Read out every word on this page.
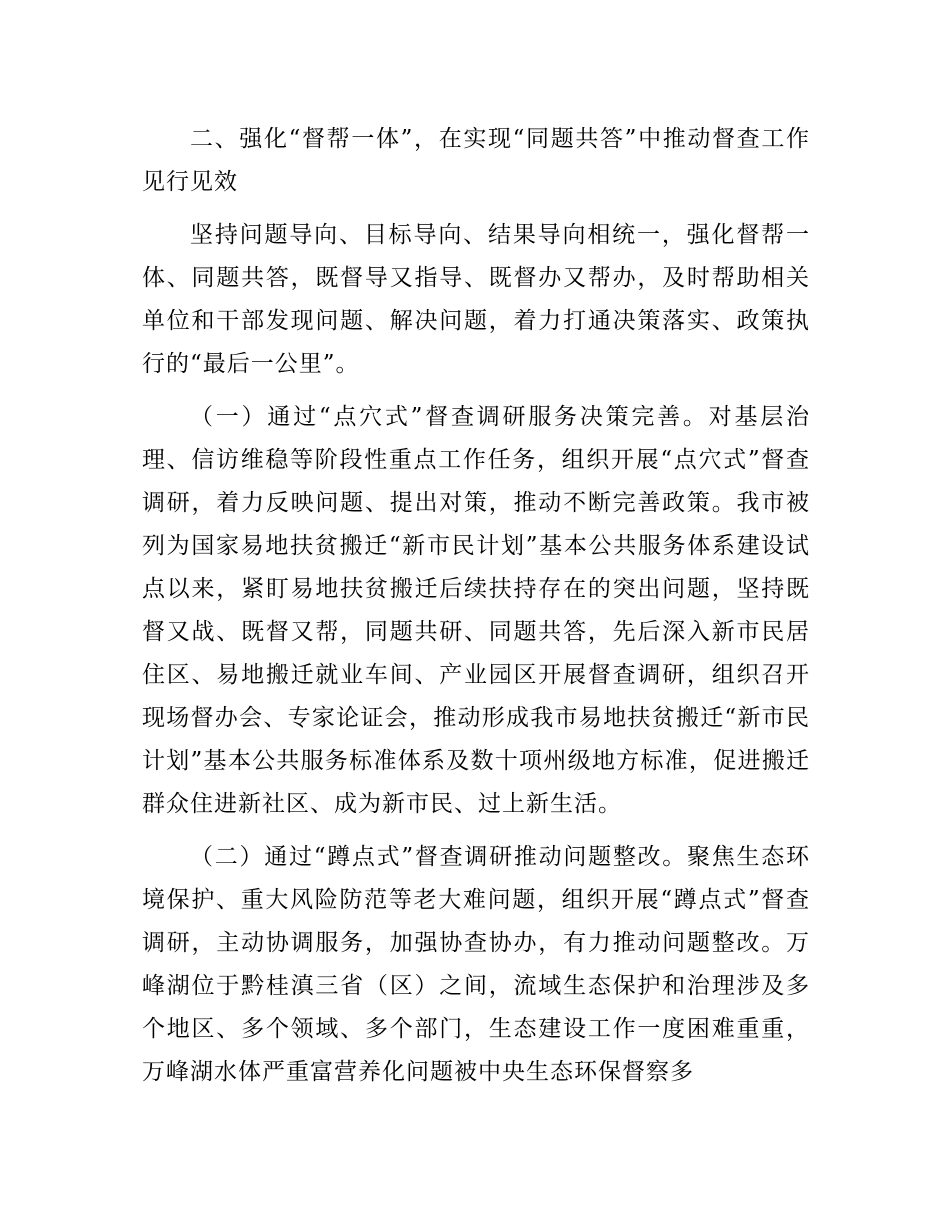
二、强化“督帮一体”，在实现“同题共答”中推动督查工作见行见效

坚持问题导向、目标导向、结果导向相统一，强化督帮一体、同题共答，既督导又指导、既督办又帮办，及时帮助相关单位和干部发现问题、解决问题，着力打通决策落实、政策执行的“最后一公里”。

（一）通过“点穴式”督查调研服务决策完善。对基层治理、信访维稳等阶段性重点工作任务，组织开展“点穴式”督查调研，着力反映问题、提出对策，推动不断完善政策。我市被列为国家易地扶贫搬迁“新市民计划”基本公共服务体系建设试点以来，紧盯易地扶贫搬迁后续扶持存在的突出问题，坚持既督又战、既督又帮，同题共研、同题共答，先后深入新市民居住区、易地搬迁就业车间、产业园区开展督查调研，组织召开现场督办会、专家论证会，推动形成我市易地扶贫搬迁“新市民计划”基本公共服务标准体系及数十项州级地方标准，促进搬迁群众住进新社区、成为新市民、过上新生活。

（二）通过“蹲点式”督查调研推动问题整改。聚焦生态环境保护、重大风险防范等老大难问题，组织开展“蹲点式”督查调研，主动协调服务，加强协查协办，有力推动问题整改。万峰湖位于黔桂滇三省（区）之间，流域生态保护和治理涉及多个地区、多个领域、多个部门，生态建设工作一度困难重重，万峰湖水体严重富营养化问题被中央生态环保督察多
